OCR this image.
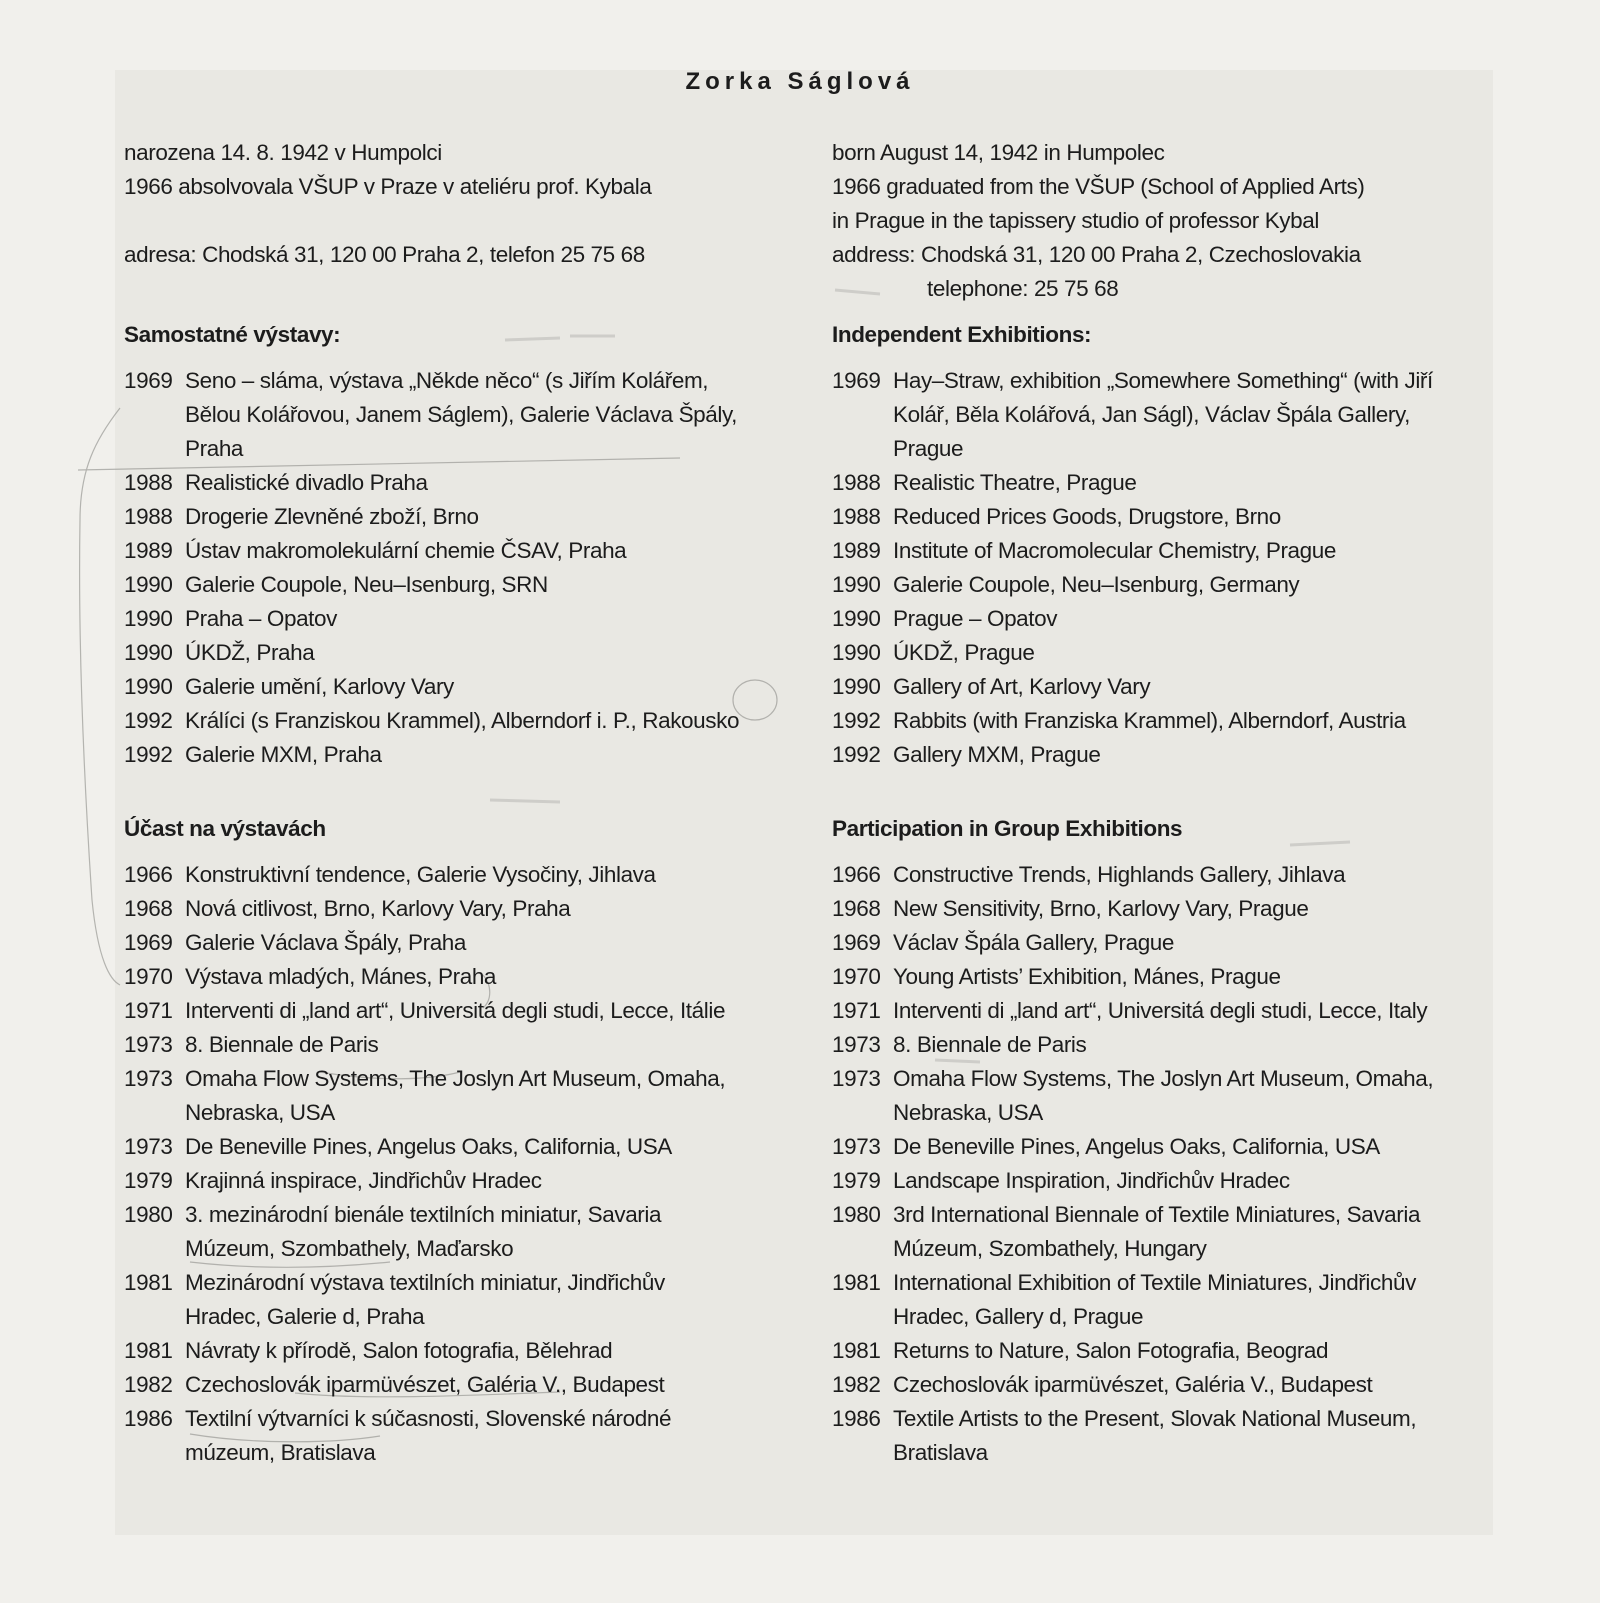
Zorka Ságlová
narozena 14. 8. 1942 v Humpolci
1966 absolvovala VŠUP v Praze v ateliéru prof. Kybala
adresa: Chodská 31, 120 00 Praha 2, telefon 25 75 68
Samostatné výstavy:
1969 Seno – sláma, výstava „Někde něco“ (s Jiřím Kolářem, Bělou Kolářovou, Janem Ságlem), Galerie Václava Špály, Praha
1988 Realistické divadlo Praha
1988 Drogerie Zlevněné zboží, Brno
1989 Ústav makromolekulární chemie ČSAV, Praha
1990 Galerie Coupole, Neu–Isenburg, SRN
1990 Praha – Opatov
1990 ÚKDŽ, Praha
1990 Galerie umění, Karlovy Vary
1992 Králíci (s Franziskou Krammel), Alberndorf i. P., Rakousko
1992 Galerie MXM, Praha
Účast na výstavách
1966 Konstruktivní tendence, Galerie Vysočiny, Jihlava
1968 Nová citlivost, Brno, Karlovy Vary, Praha
1969 Galerie Václava Špály, Praha
1970 Výstava mladých, Mánes, Praha
1971 Interventi di „land art“, Universitá degli studi, Lecce, Itálie
1973 8. Biennale de Paris
1973 Omaha Flow Systems, The Joslyn Art Museum, Omaha, Nebraska, USA
1973 De Beneville Pines, Angelus Oaks, California, USA
1979 Krajinná inspirace, Jindřichův Hradec
1980 3. mezinárodní bienále textilních miniatur, Savaria Múzeum, Szombathely, Maďarsko
1981 Mezinárodní výstava textilních miniatur, Jindřichův Hradec, Galerie d, Praha
1981 Návraty k přírodě, Salon fotografia, Bělehrad
1982 Czechoslovák iparmüvészet, Galéria V., Budapest
1986 Textilní výtvarníci k súčasnosti, Slovenské národné múzeum, Bratislava
born August 14, 1942 in Humpolec
1966 graduated from the VŠUP (School of Applied Arts)
in Prague in the tapissery studio of professor Kybal
address: Chodská 31, 120 00 Praha 2, Czechoslovakia
telephone: 25 75 68
Independent Exhibitions:
1969 Hay–Straw, exhibition „Somewhere Something“ (with Jiří Kolář, Běla Kolářová, Jan Ságl), Václav Špála Gallery, Prague
1988 Realistic Theatre, Prague
1988 Reduced Prices Goods, Drugstore, Brno
1989 Institute of Macromolecular Chemistry, Prague
1990 Galerie Coupole, Neu–Isenburg, Germany
1990 Prague – Opatov
1990 ÚKDŽ, Prague
1990 Gallery of Art, Karlovy Vary
1992 Rabbits (with Franziska Krammel), Alberndorf, Austria
1992 Gallery MXM, Prague
Participation in Group Exhibitions
1966 Constructive Trends, Highlands Gallery, Jihlava
1968 New Sensitivity, Brno, Karlovy Vary, Prague
1969 Václav Špála Gallery, Prague
1970 Young Artists’ Exhibition, Mánes, Prague
1971 Interventi di „land art“, Universitá degli studi, Lecce, Italy
1973 8. Biennale de Paris
1973 Omaha Flow Systems, The Joslyn Art Museum, Omaha, Nebraska, USA
1973 De Beneville Pines, Angelus Oaks, California, USA
1979 Landscape Inspiration, Jindřichův Hradec
1980 3rd International Biennale of Textile Miniatures, Savaria Múzeum, Szombathely, Hungary
1981 International Exhibition of Textile Miniatures, Jindřichův Hradec, Gallery d, Prague
1981 Returns to Nature, Salon Fotografia, Beograd
1982 Czechoslovák iparmüvészet, Galéria V., Budapest
1986 Textile Artists to the Present, Slovak National Museum, Bratislava
